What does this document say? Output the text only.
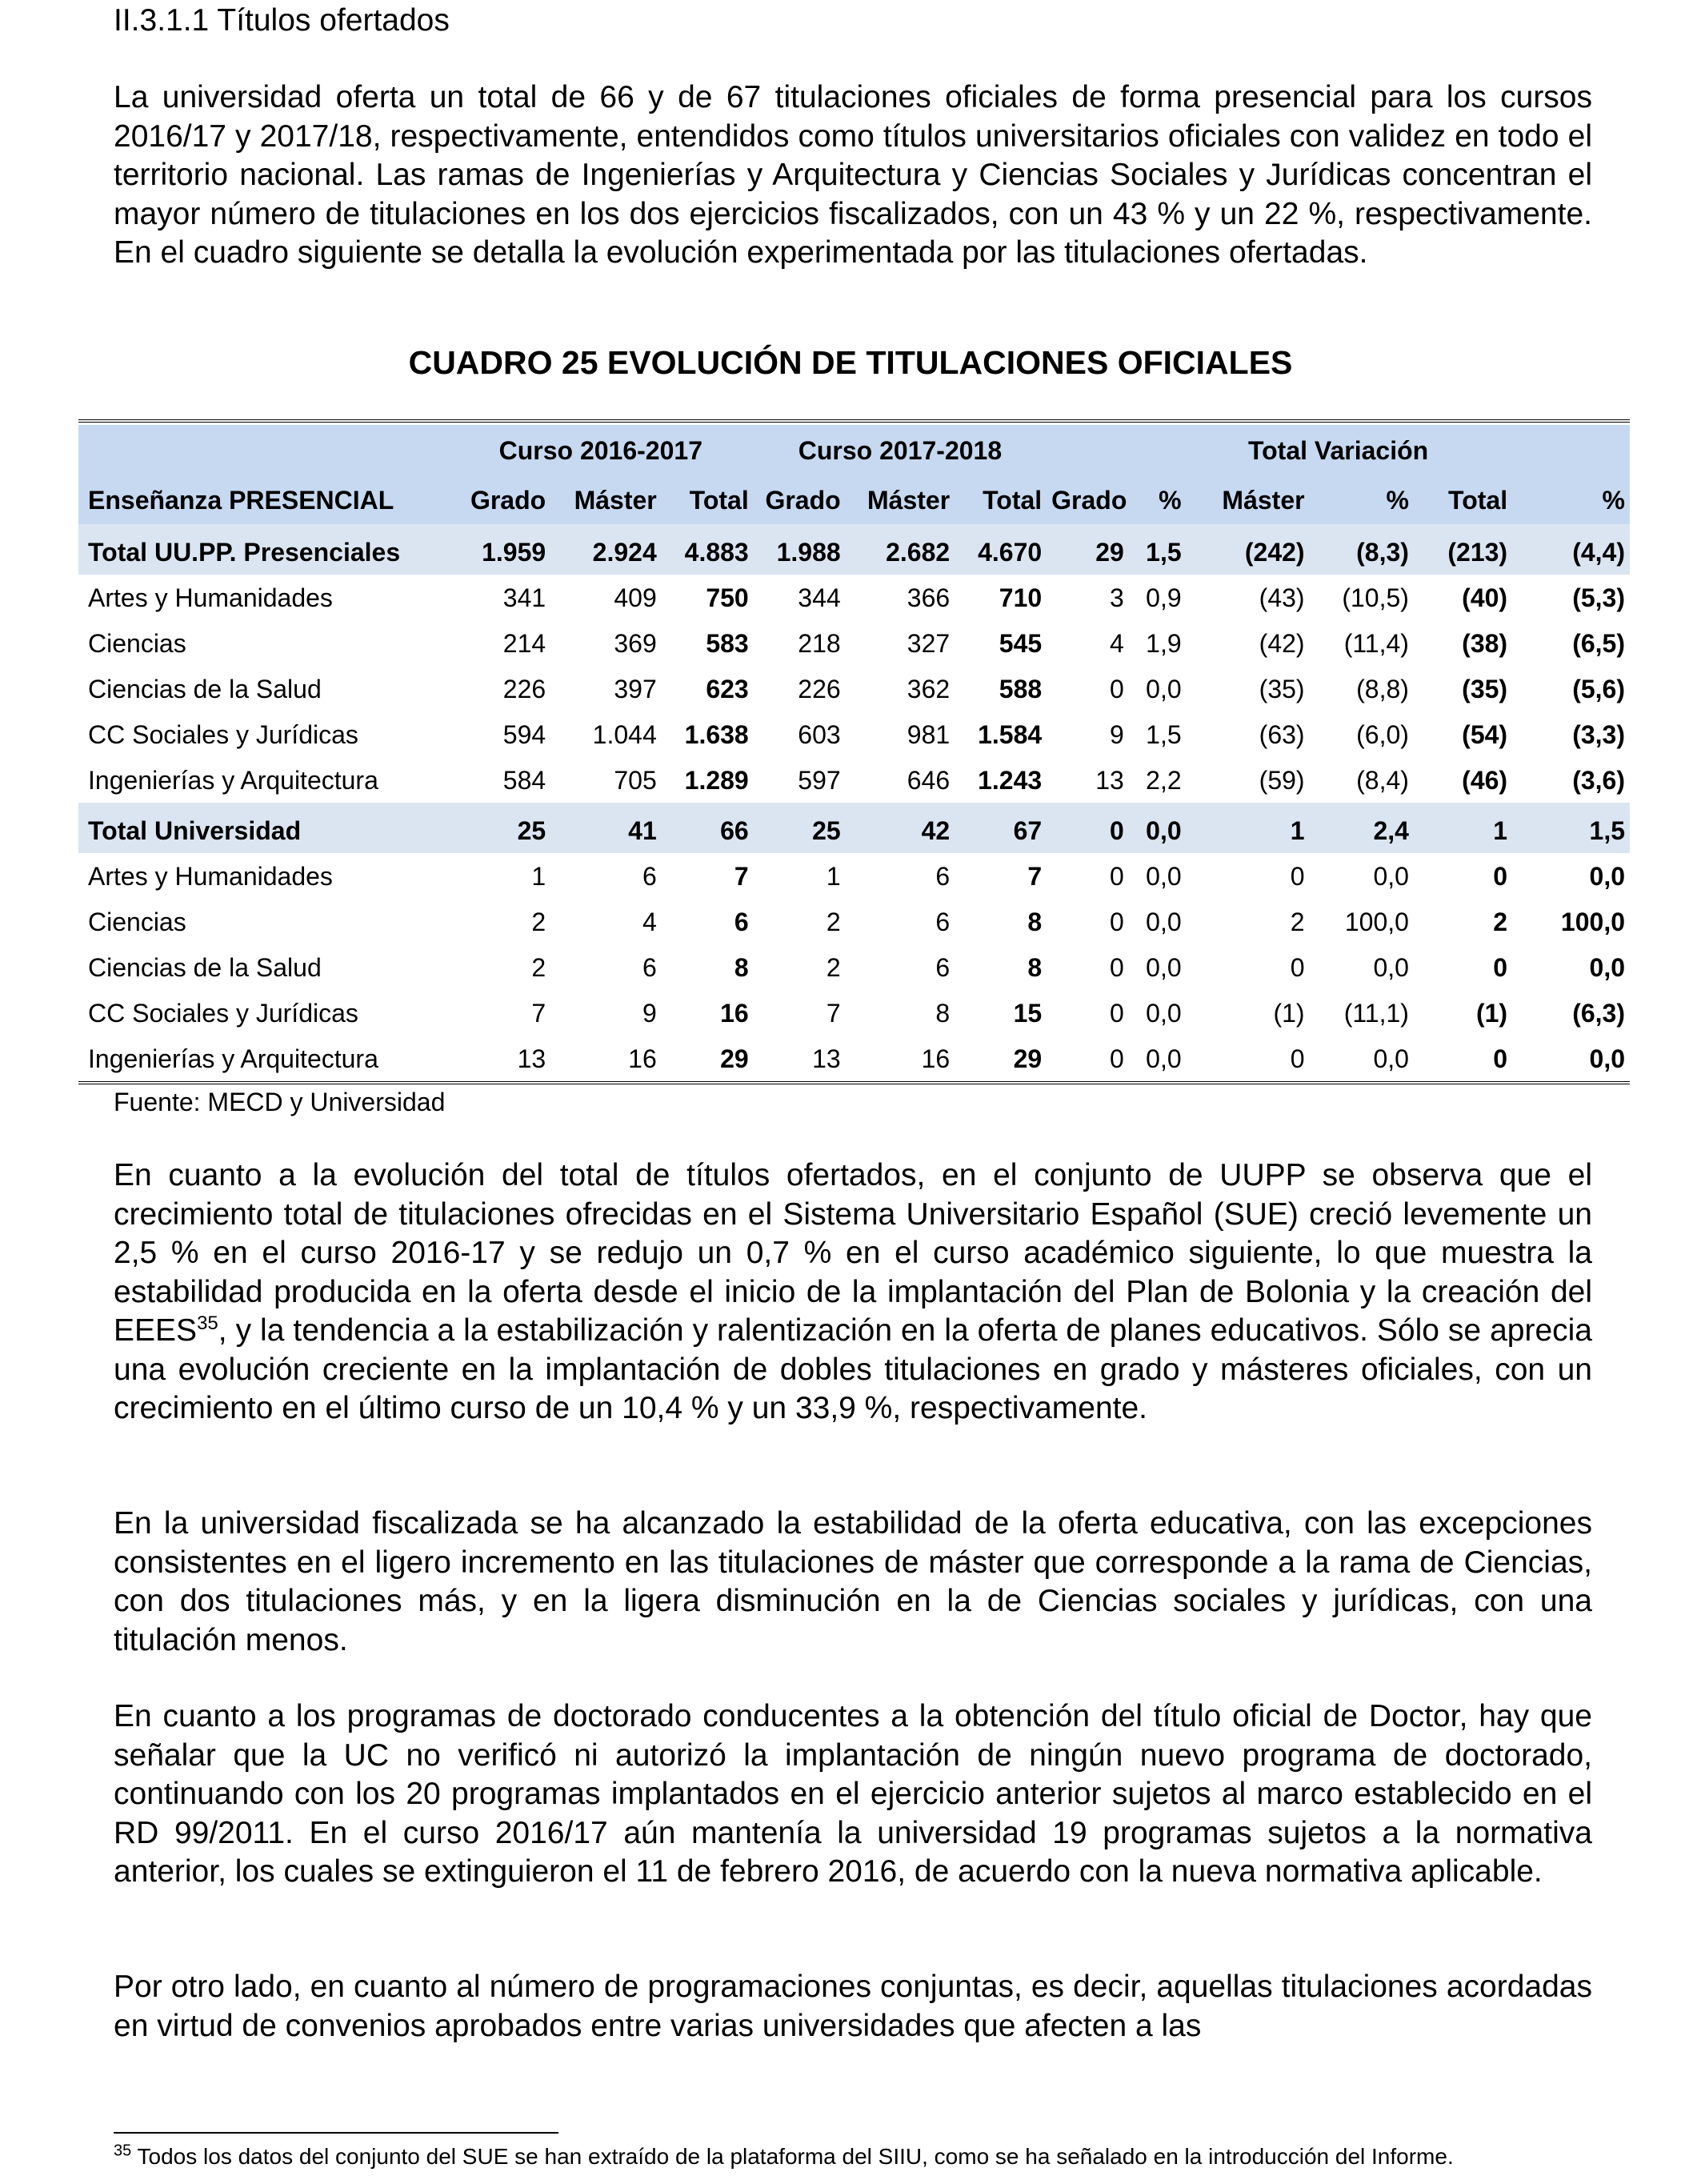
II.3.1.1 Títulos ofertados

La universidad oferta un total de 66 y de 67 titulaciones oficiales de forma presencial para los cursos 2016/17 y 2017/18, respectivamente, entendidos como títulos universitarios oficiales con validez en todo el territorio nacional. Las ramas de Ingenierías y Arquitectura y Ciencias Sociales y Jurídicas concentran el mayor número de titulaciones en los dos ejercicios fiscalizados, con un 43 % y un 22 %, respectivamente. En el cuadro siguiente se detalla la evolución experimentada por las titulaciones ofertadas.

CUADRO 25 EVOLUCIÓN DE TITULACIONES OFICIALES
	Curso 2016-2017			Curso 2017-2018			Total Variación					
Enseñanza PRESENCIAL	Grado	Máster	Total	Grado	Máster	Total	Grado	%	Máster	%	Total	%
Total UU.PP. Presenciales	1.959	2.924	4.883	1.988	2.682	4.670	29	1,5	(242)	(8,3)	(213)	(4,4)
Artes y Humanidades	341	409	750	344	366	710	3	0,9	(43)	(10,5)	(40)	(5,3)
Ciencias	214	369	583	218	327	545	4	1,9	(42)	(11,4)	(38)	(6,5)
Ciencias de la Salud	226	397	623	226	362	588	0	0,0	(35)	(8,8)	(35)	(5,6)
CC Sociales y Jurídicas	594	1.044	1.638	603	981	1.584	9	1,5	(63)	(6,0)	(54)	(3,3)
Ingenierías y Arquitectura	584	705	1.289	597	646	1.243	13	2,2	(59)	(8,4)	(46)	(3,6)
Total Universidad	25	41	66	25	42	67	0	0,0	1	2,4	1	1,5
Artes y Humanidades	1	6	7	1	6	7	0	0,0	0	0,0	0	0,0
Ciencias	2	4	6	2	6	8	0	0,0	2	100,0	2	100,0
Ciencias de la Salud	2	6	8	2	6	8	0	0,0	0	0,0	0	0,0
CC Sociales y Jurídicas	7	9	16	7	8	15	0	0,0	(1)	(11,1)	(1)	(6,3)
Ingenierías y Arquitectura	13	16	29	13	16	29	0	0,0	0	0,0	0	0,0
Fuente: MECD y Universidad

En cuanto a la evolución del total de títulos ofertados, en el conjunto de UUPP se observa que el crecimiento total de titulaciones ofrecidas en el Sistema Universitario Español (SUE) creció levemente un 2,5 % en el curso 2016-17 y se redujo un 0,7 % en el curso académico siguiente, lo que muestra la estabilidad producida en la oferta desde el inicio de la implantación del Plan de Bolonia y la creación del EEES$^{35}$, y la tendencia a la estabilización y ralentización en la oferta de planes educativos. Sólo se aprecia una evolución creciente en la implantación de dobles titulaciones en grado y másteres oficiales, con un crecimiento en el último curso de un 10,4 % y un 33,9 %, respectivamente.

En la universidad fiscalizada se ha alcanzado la estabilidad de la oferta educativa, con las excepciones consistentes en el ligero incremento en las titulaciones de máster que corresponde a la rama de Ciencias, con dos titulaciones más, y en la ligera disminución en la de Ciencias sociales y jurídicas, con una titulación menos.

En cuanto a los programas de doctorado conducentes a la obtención del título oficial de Doctor, hay que señalar que la UC no verificó ni autorizó la implantación de ningún nuevo programa de doctorado, continuando con los 20 programas implantados en el ejercicio anterior sujetos al marco establecido en el RD 99/2011. En el curso 2016/17 aún mantenía la universidad 19 programas sujetos a la normativa anterior, los cuales se extinguieron el 11 de febrero 2016, de acuerdo con la nueva normativa aplicable.

Por otro lado, en cuanto al número de programaciones conjuntas, es decir, aquellas titulaciones acordadas en virtud de convenios aprobados entre varias universidades que afecten a las

$^{35}$ Todos los datos del conjunto del SUE se han extraído de la plataforma del SIIU, como se ha señalado en la introducción del Informe.
